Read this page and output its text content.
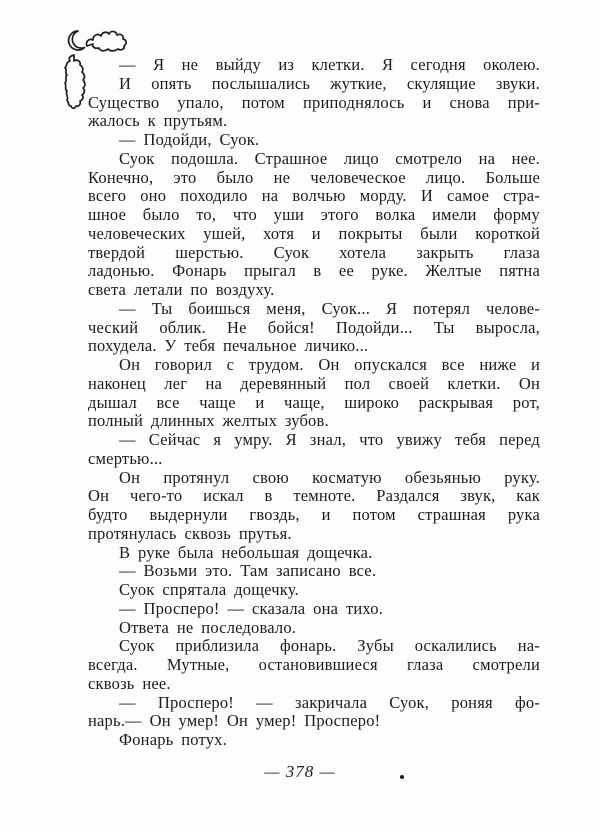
— Я не выйду из клетки. Я сегодня околею.
И опять послышались жуткие, скулящие звуки.
Существо упало, потом приподнялось и снова при-
жалось к прутьям.
— Подойди, Суок.
Суок подошла. Страшное лицо смотрело на нее.
Конечно, это было не человеческое лицо. Больше
всего оно походило на волчью морду. И самое стра-
шное было то, что уши этого волка имели форму
человеческих ушей, хотя и покрыты были короткой
твердой шерстью. Суок хотела закрыть глаза
ладонью. Фонарь прыгал в ее руке. Желтые пятна
света летали по воздуху.
— Ты боишься меня, Суок... Я потерял челове-
ческий облик. Не бойся! Подойди... Ты выросла,
похудела. У тебя печальное личико...
Он говорил с трудом. Он опускался все ниже и
наконец лег на деревянный пол своей клетки. Он
дышал все чаще и чаще, широко раскрывая рот,
полный длинных желтых зубов.
— Сейчас я умру. Я знал, что увижу тебя перед
смертью...
Он протянул свою косматую обезьянью руку.
Он чего-то искал в темноте. Раздался звук, как
будто выдернули гвоздь, и потом страшная рука
протянулась сквозь прутья.
В руке была небольшая дощечка.
— Возьми это. Там записано все.
Суок спрятала дощечку.
— Просперо! — сказала она тихо.
Ответа не последовало.
Суок приблизила фонарь. Зубы оскалились на-
всегда. Мутные, остановившиеся глаза смотрели
сквозь нее.
— Просперо! — закричала Суок, роняя фо-
нарь.— Он умер! Он умер! Просперо!
Фонарь потух.
— 378 —
